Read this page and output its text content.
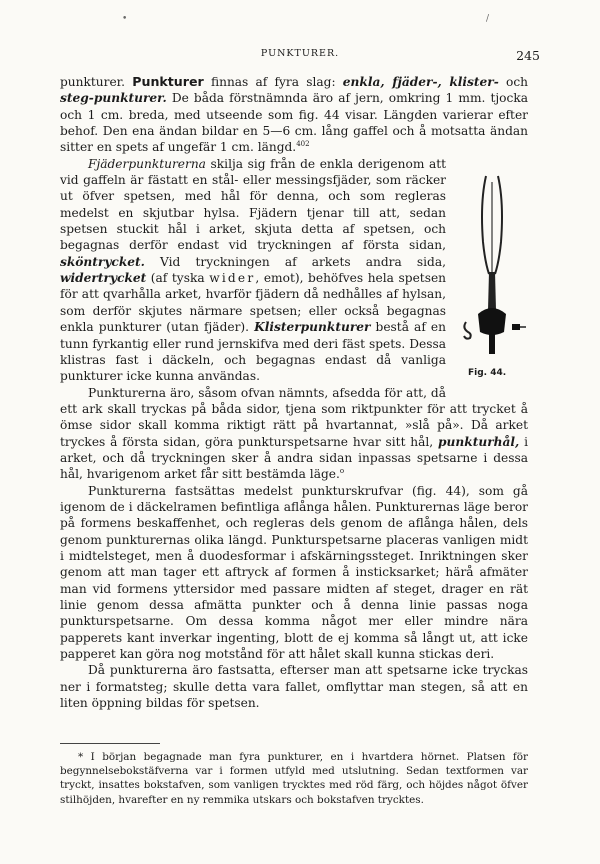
•	/
PUNKTURER.	245

punkturer. Punkturer finnas af fyra slag: enkla, fjäder-, klister- och steg-punkturer. De båda förstnämnda äro af jern, omkring 1 mm. tjocka och 1 cm. breda, med utseende som fig. 44 visar. Längden varierar efter behof. Den ena ändan bildar en 5—6 cm. lång gaffel och å motsatta ändan sitter en spets af ungefär 1 cm. längd.$^{402}$

Fig. 44.

Fjäderpunkturerna skilja sig från de enkla derigenom att vid gaffeln är fästatt en stål- eller messingsfjäder, som räcker ut öfver spetsen, med hål för denna, och som regleras medelst en skjutbar hylsa. Fjädern tjenar till att, sedan spetsen stuckit hål i arket, skjuta detta af spetsen, och begagnas derför endast vid tryckningen af första sidan, sköntrycket. Vid tryckningen af arkets andra sida, widertrycket (af tyska wider, emot), behöfves hela spetsen för att qvarhålla arket, hvarför fjädern då nedhålles af hylsan, som derför skjutes närmare spetsen; eller också begagnas enkla punkturer (utan fjäder). Klisterpunkturer bestå af en tunn fyrkantig eller rund jernskifva med deri fäst spets. Dessa klistras fast i däckeln, och begagnas endast då vanliga punkturer icke kunna användas.

Punkturerna äro, såsom ofvan nämnts, afsedda för att, då ett ark skall tryckas på båda sidor, tjena som riktpunkter för att trycket å ömse sidor skall komma riktigt rätt på hvartannat, »slå på». Då arket tryckes å första sidan, göra punkturspetsarne hvar sitt hål, punkturhål, i arket, och då tryckningen sker å andra sidan inpassas spetsarne i dessa hål, hvarigenom arket får sitt bestämda läge.$^o$

Punkturerna fastsättas medelst punkturskrufvar (fig. 44), som gå igenom de i däckelramen befintliga aflånga hålen. Punkturernas läge beror på formens beskaffenhet, och regleras dels genom de aflånga hålen, dels genom punkturernas olika längd. Punkturspetsarne placeras vanligen midt i midtelsteget, men å duodesformar i afskärningssteget. Inriktningen sker genom att man tager ett aftryck af formen å insticksarket; härå afmäter man vid formens yttersidor med passare midten af steget, drager en rät linie genom dessa afmätta punkter och å denna linie passas noga punkturspetsarne. Om dessa komma något mer eller mindre nära papperets kant inverkar ingenting, blott de ej komma så långt ut, att icke papperet kan göra nog motstånd för att hålet skall kunna stickas deri.

Då punkturerna äro fastsatta, efterser man att spetsarne icke tryckas ner i formatsteg; skulle detta vara fallet, omflyttar man stegen, så att en liten öppning bildas för spetsen.

* I början begagnade man fyra punkturer, en i hvartdera hörnet. Platsen för begynnelsebokstäfverna var i formen utfyld med utslutning. Sedan textformen var tryckt, insattes bokstafven, som vanligen trycktes med röd färg, och höjdes något öfver stilhöjden, hvarefter en ny remmika utskars och bokstafven trycktes.
